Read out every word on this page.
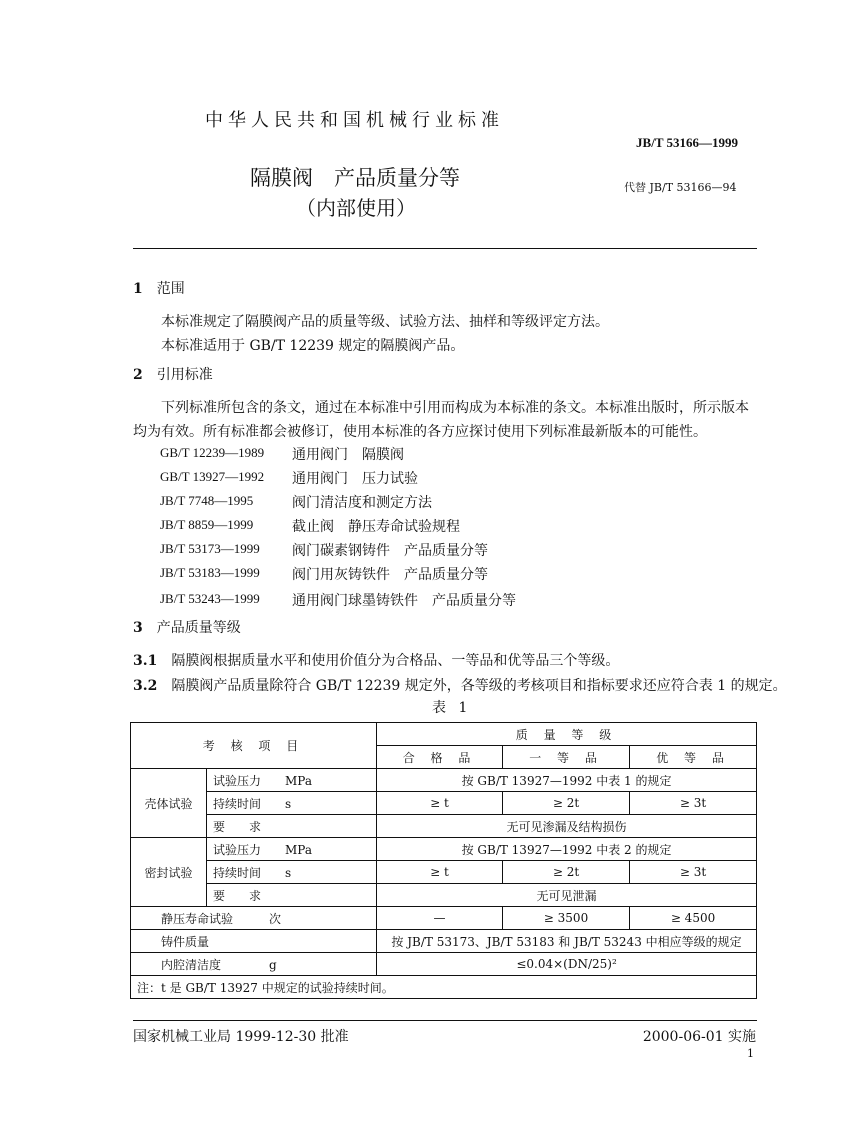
中华人民共和国机械行业标准
JB/T 53166—1999
隔膜阀　产品质量分等
（内部使用）
代替 JB/T 53166—94
1 范围
本标准规定了隔膜阀产品的质量等级、试验方法、抽样和等级评定方法。
本标准适用于 GB/T 12239 规定的隔膜阀产品。
2 引用标准
下列标准所包含的条文，通过在本标准中引用而构成为本标准的条文。本标准出版时，所示版本均为有效。所有标准都会被修订，使用本标准的各方应探讨使用下列标准最新版本的可能性。
GB/T 12239—1989 通用阀门　隔膜阀
GB/T 13927—1992 通用阀门　压力试验
JB/T 7748—1995	阀门清洁度和测定方法
JB/T 8859—1999	截止阀　静压寿命试验规程
JB/T 53173—1999 阀门碳素钢铸件　产品质量分等
JB/T 53183—1999 阀门用灰铸铁件　产品质量分等
JB/T 53243—1999 通用阀门球墨铸铁件　产品质量分等
3 产品质量等级
3.1 隔膜阀根据质量水平和使用价值分为合格品、一等品和优等品三个等级。
3.2 隔膜阀产品质量除符合 GB/T 12239 规定外，各等级的考核项目和指标要求还应符合表 1 的规定。
表 1
考 核 项 目		质 量 等 级		
		合 格 品	一 等 品	优 等 品
壳体试验	试验压力　　MPa	按 GB/T 13927—1992 中表 1 的规定		
	持续时间　　s	≥ t	≥ 2t	≥ 3t
	要　　求	无可见渗漏及结构损伤		
密封试验	试验压力　　MPa	按 GB/T 13927—1992 中表 2 的规定		
	持续时间　　s	≥ t	≥ 2t	≥ 3t
	要　　求	无可见泄漏		
静压寿命试验　　　次		—	≥ 3500	≥ 4500
铸件质量		按 JB/T 53173、JB/T 53183 和 JB/T 53243 中相应等级的规定		
内腔清洁度　　　　g		≤0.04×(DN/25)²		
注：t 是 GB/T 13927 中规定的试验持续时间。				
国家机械工业局 1999-12-30 批准	2000-06-01 实施
1
